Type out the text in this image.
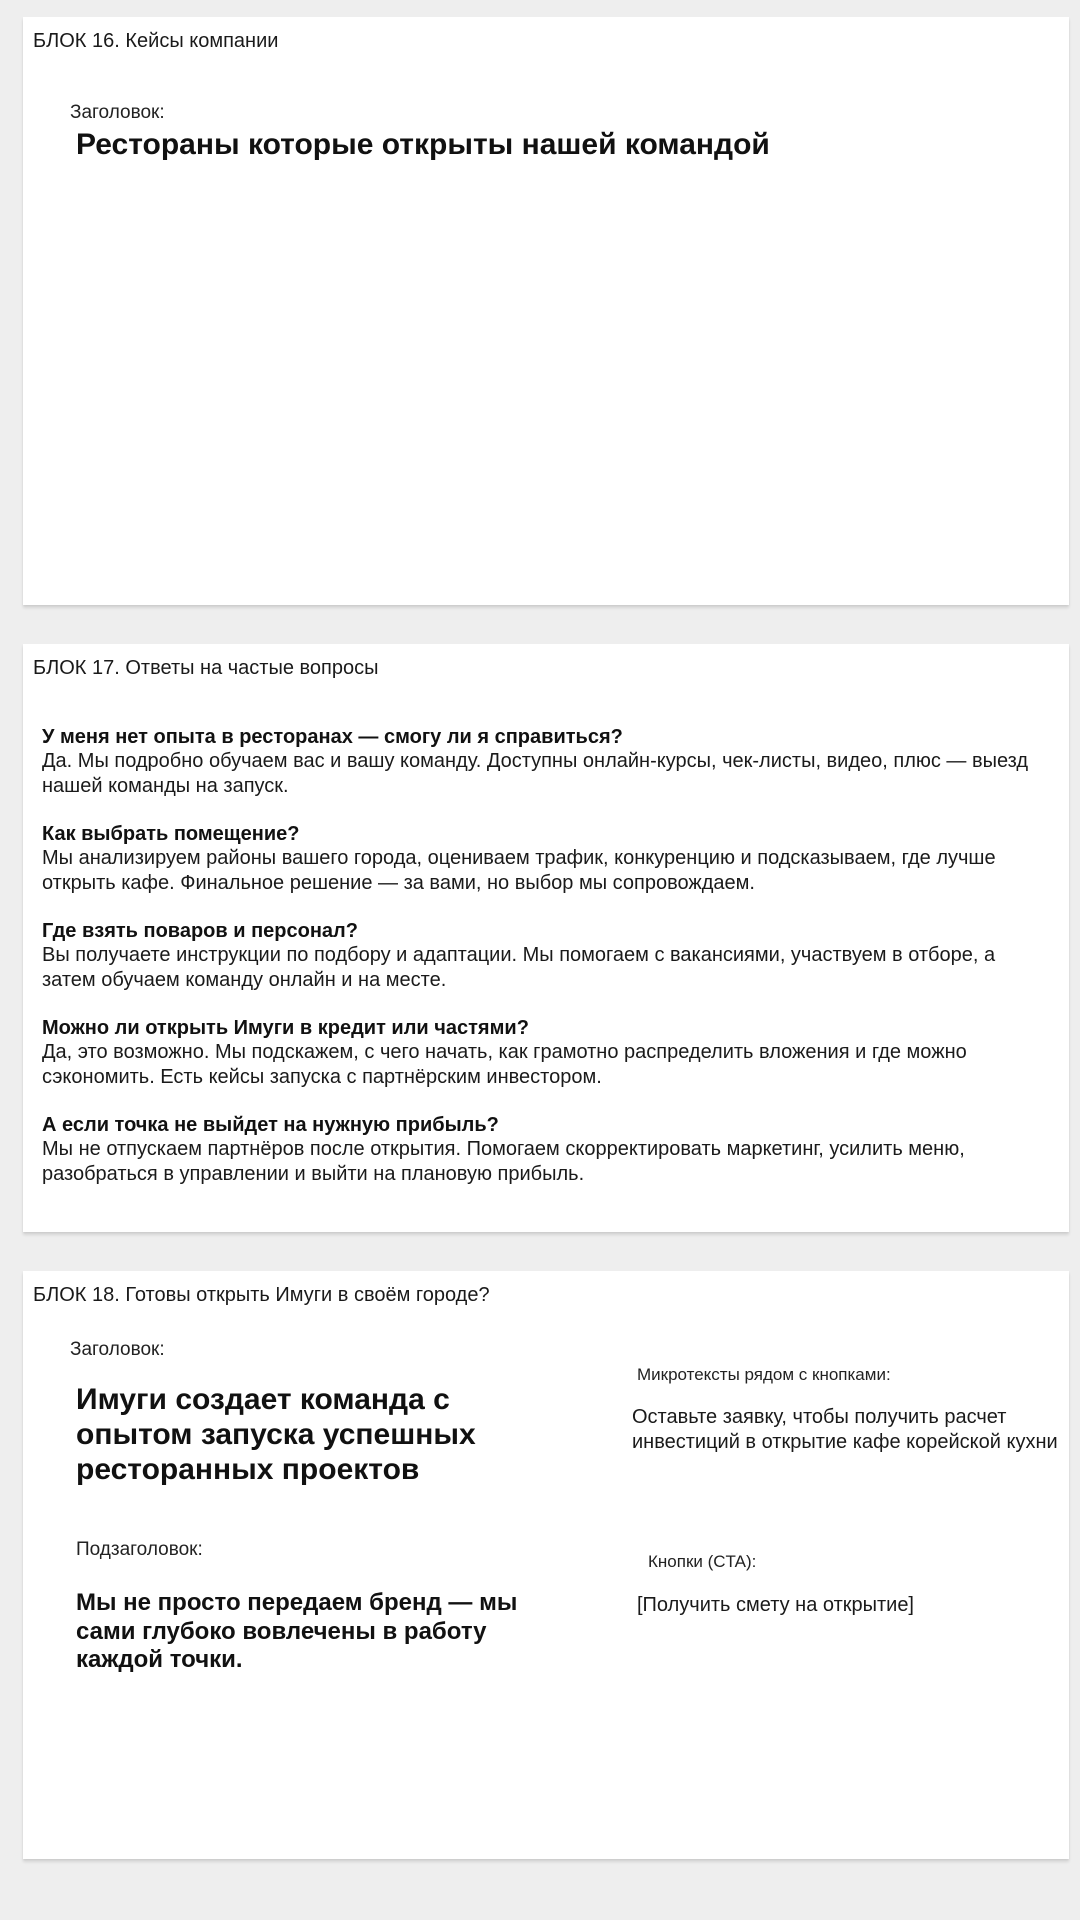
БЛОК 16. Кейсы компании
Заголовок:
Рестораны которые открыты нашей командой
БЛОК 17. Ответы на частые вопросы
У меня нет опыта в ресторанах — смогу ли я справиться?
Да. Мы подробно обучаем вас и вашу команду. Доступны онлайн-курсы, чек-листы, видео, плюс — выезд нашей команды на запуск.
Как выбрать помещение?
Мы анализируем районы вашего города, оцениваем трафик, конкуренцию и подсказываем, где лучше открыть кафе. Финальное решение — за вами, но выбор мы сопровождаем.
Где взять поваров и персонал?
Вы получаете инструкции по подбору и адаптации. Мы помогаем с вакансиями, участвуем в отборе, а затем обучаем команду онлайн и на месте.
Можно ли открыть Имуги в кредит или частями?
Да, это возможно. Мы подскажем, с чего начать, как грамотно распределить вложения и где можно сэкономить. Есть кейсы запуска с партнёрским инвестором.
А если точка не выйдет на нужную прибыль?
Мы не отпускаем партнёров после открытия. Помогаем скорректировать маркетинг, усилить меню, разобраться в управлении и выйти на плановую прибыль.
БЛОК 18. Готовы открыть Имуги в своём городе?
Заголовок:
Имуги создает команда с опытом запуска успешных ресторанных проектов
Подзаголовок:
Мы не просто передаем бренд — мы сами глубоко вовлечены в работу каждой точки.
Микротексты рядом с кнопками:
Оставьте заявку, чтобы получить расчет инвестиций в открытие кафе корейской кухни
Кнопки (CTA):
[Получить смету на открытие]
